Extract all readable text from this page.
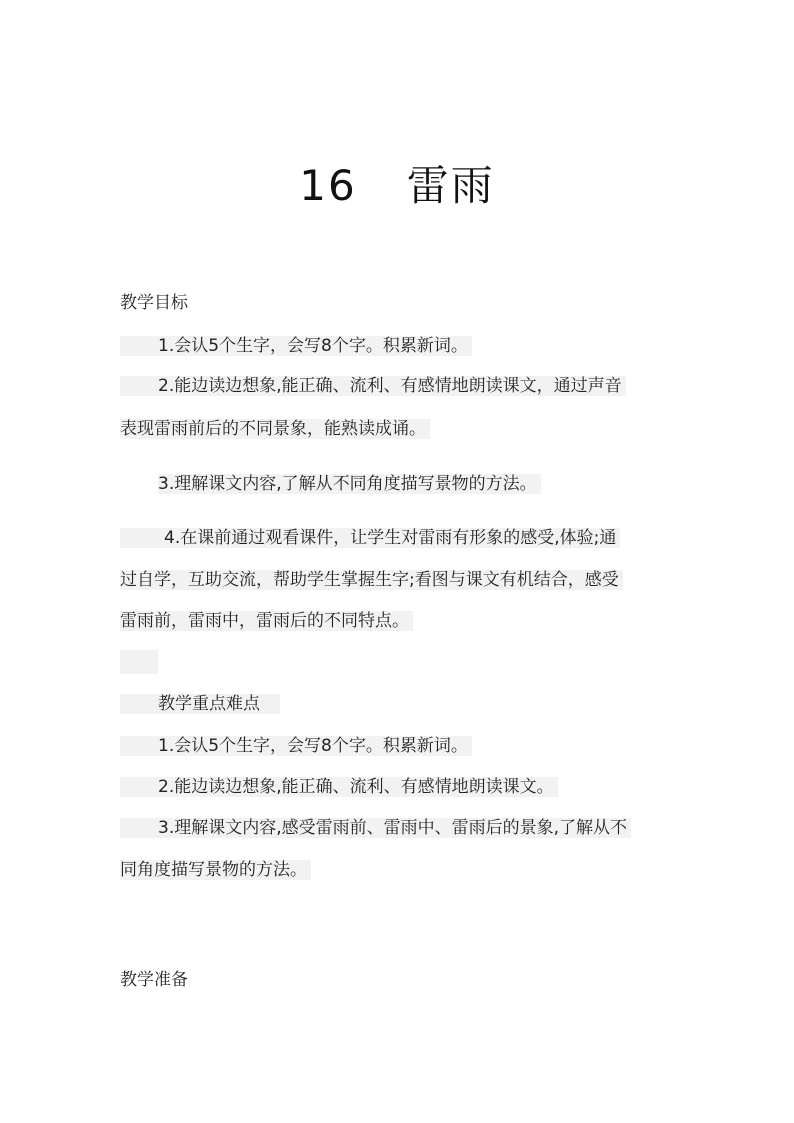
16 雷雨
教学目标
1.会认5个生字，会写8个字。积累新词。
2.能边读边想象,能正确、流利、有感情地朗读课文，通过声音
表现雷雨前后的不同景象，能熟读成诵。
3.理解课文内容,了解从不同角度描写景物的方法。
4.在课前通过观看课件，让学生对雷雨有形象的感受,体验;通
过自学，互助交流，帮助学生掌握生字;看图与课文有机结合，感受
雷雨前，雷雨中，雷雨后的不同特点。
教学重点难点
1.会认5个生字，会写8个字。积累新词。
2.能边读边想象,能正确、流利、有感情地朗读课文。
3.理解课文内容,感受雷雨前、雷雨中、雷雨后的景象,了解从不
同角度描写景物的方法。
教学准备
